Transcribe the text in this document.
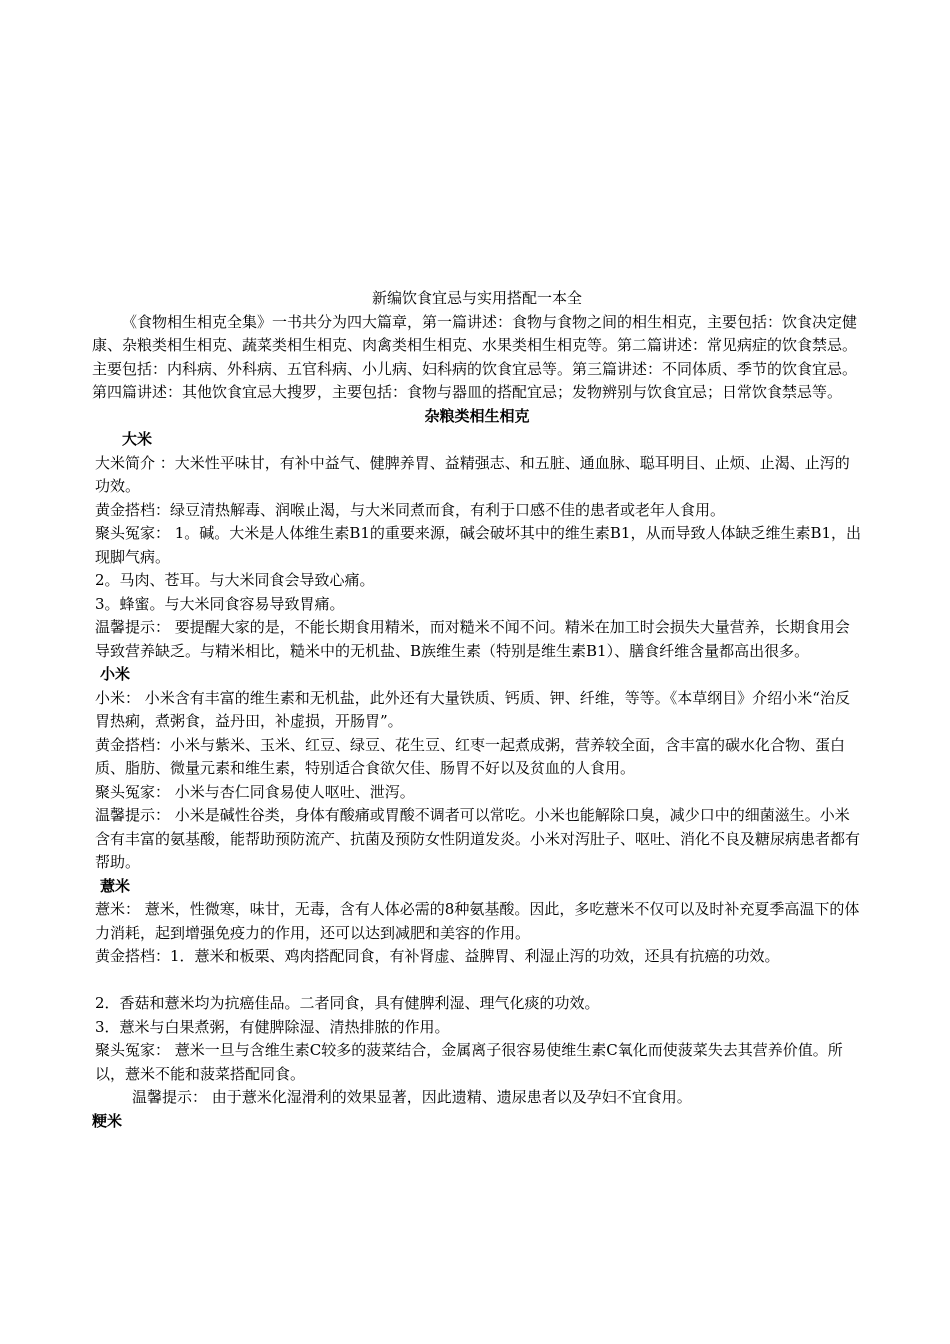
新编饮食宜忌与实用搭配一本全

《食物相生相克全集》一书共分为四大篇章，第一篇讲述：食物与食物之间的相生相克，主要包括：饮食决定健康、杂粮类相生相克、蔬菜类相生相克、肉禽类相生相克、水果类相生相克等。第二篇讲述：常见病症的饮食禁忌。主要包括：内科病、外科病、五官科病、小儿病、妇科病的饮食宜忌等。第三篇讲述：不同体质、季节的饮食宜忌。第四篇讲述：其他饮食宜忌大搜罗，主要包括：食物与器皿的搭配宜忌；发物辨别与饮食宜忌；日常饮食禁忌等。

杂粮类相生相克

大米

大米简介 ：大米性平味甘，有补中益气、健脾养胃、益精强志、和五脏、通血脉、聪耳明目、止烦、止渴、止泻的功效。

黄金搭档：绿豆清热解毒、润喉止渴，与大米同煮而食，有利于口感不佳的患者或老年人食用。

聚头冤家： 1。碱。大米是人体维生素B1的重要来源，碱会破坏其中的维生素B1，从而导致人体缺乏维生素B1，出现脚气病。

2。马肉、苍耳。与大米同食会导致心痛。

3。蜂蜜。与大米同食容易导致胃痛。

温馨提示： 要提醒大家的是，不能长期食用精米，而对糙米不闻不问。精米在加工时会损失大量营养，长期食用会导致营养缺乏。与精米相比，糙米中的无机盐、B族维生素（特别是维生素B1）、膳食纤维含量都高出很多。

小米

小米： 小米含有丰富的维生素和无机盐，此外还有大量铁质、钙质、钾、纤维，等等。《本草纲目》介绍小米“治反胃热痢，煮粥食，益丹田，补虚损，开肠胃”。

黄金搭档：小米与紫米、玉米、红豆、绿豆、花生豆、红枣一起煮成粥，营养较全面，含丰富的碳水化合物、蛋白质、脂肪、微量元素和维生素，特别适合食欲欠佳、肠胃不好以及贫血的人食用。

聚头冤家： 小米与杏仁同食易使人呕吐、泄泻。

温馨提示： 小米是碱性谷类，身体有酸痛或胃酸不调者可以常吃。小米也能解除口臭，减少口中的细菌滋生。小米含有丰富的氨基酸，能帮助预防流产、抗菌及预防女性阴道发炎。小米对泻肚子、呕吐、消化不良及糖尿病患者都有帮助。

薏米

薏米： 薏米，性微寒，味甘，无毒，含有人体必需的8种氨基酸。因此，多吃薏米不仅可以及时补充夏季高温下的体力消耗，起到增强免疫力的作用，还可以达到减肥和美容的作用。

黄金搭档：1．薏米和板栗、鸡肉搭配同食，有补肾虚、益脾胃、利湿止泻的功效，还具有抗癌的功效。

2．香菇和薏米均为抗癌佳品。二者同食，具有健脾利湿、理气化痰的功效。

3．薏米与白果煮粥，有健脾除湿、清热排脓的作用。

聚头冤家： 薏米一旦与含维生素C较多的菠菜结合，金属离子很容易使维生素C氧化而使菠菜失去其营养价值。所以，薏米不能和菠菜搭配同食。

温馨提示： 由于薏米化湿滑利的效果显著，因此遗精、遗尿患者以及孕妇不宜食用。

粳米
